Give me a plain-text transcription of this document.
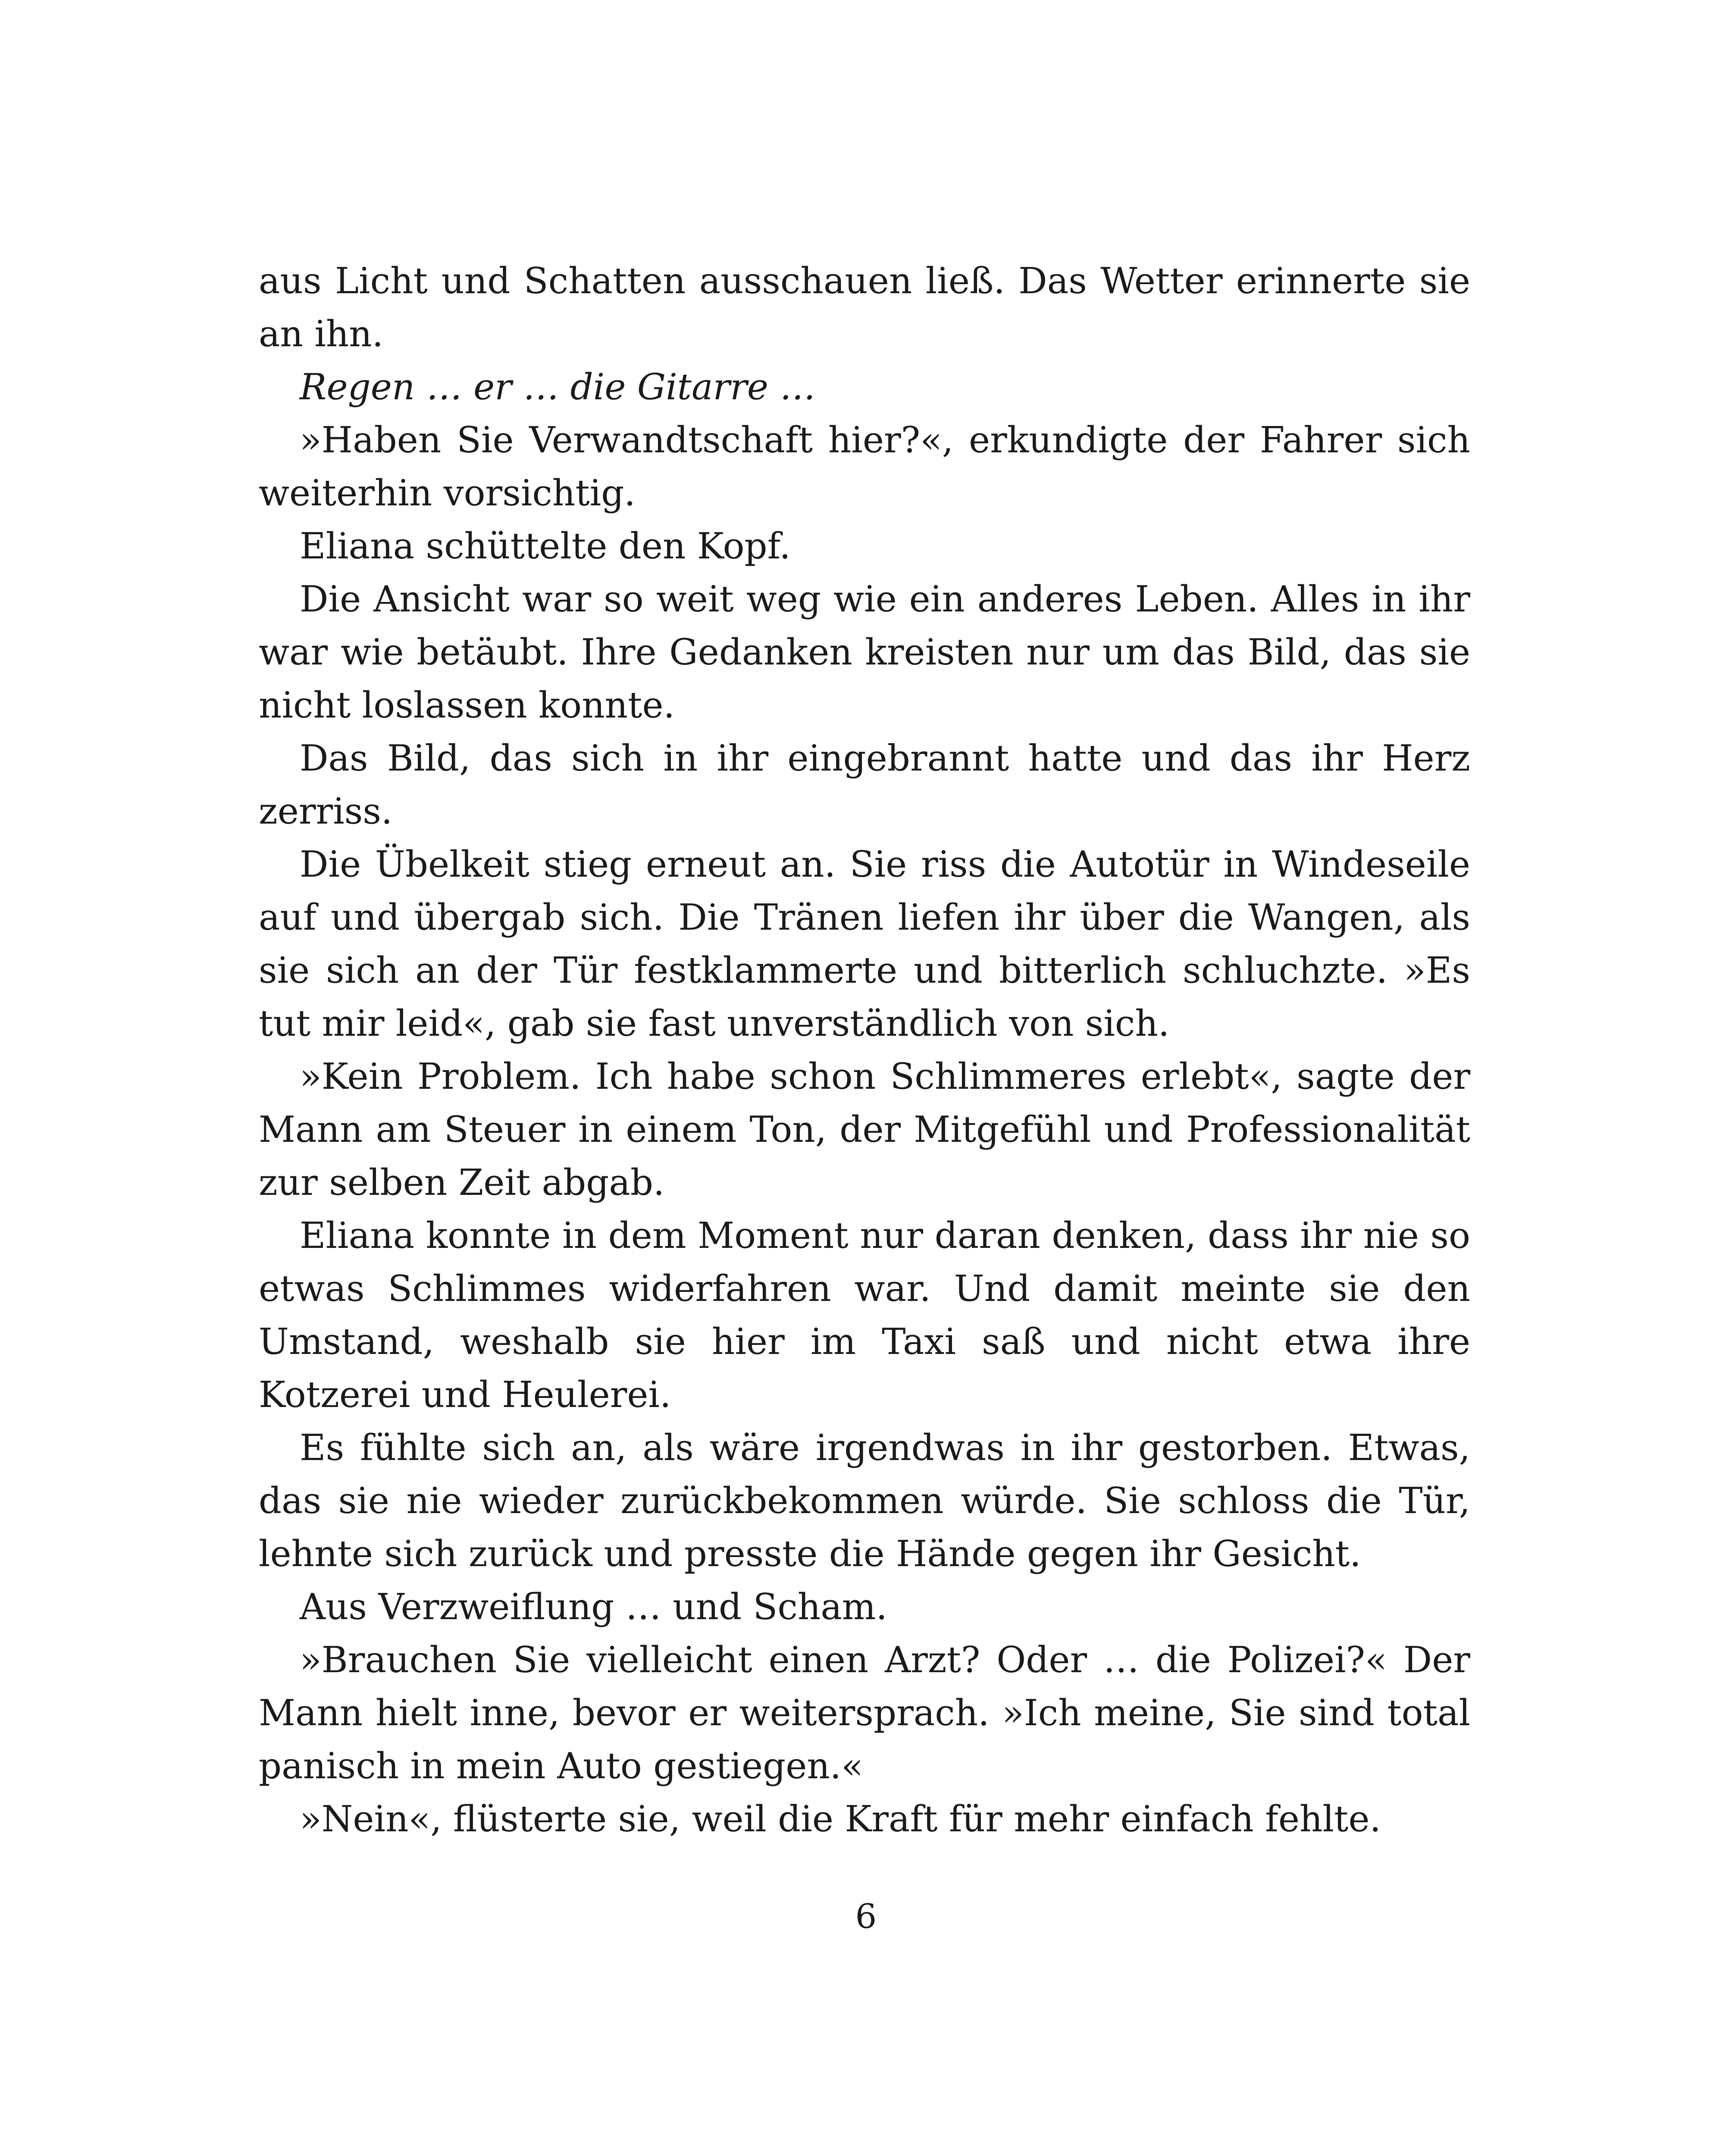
aus Licht und Schatten ausschauen ließ. Das Wetter erinnerte sie an ihn.

Regen … er … die Gitarre …

»Haben Sie Verwandtschaft hier?«, erkundigte der Fahrer sich weiterhin vorsichtig.

Eliana schüttelte den Kopf.

Die Ansicht war so weit weg wie ein anderes Leben. Alles in ihr war wie betäubt. Ihre Gedanken kreisten nur um das Bild, das sie nicht loslassen konnte.

Das Bild, das sich in ihr eingebrannt hatte und das ihr Herz zerriss.

Die Übelkeit stieg erneut an. Sie riss die Autotür in Windeseile auf und übergab sich. Die Tränen liefen ihr über die Wangen, als sie sich an der Tür festklammerte und bitterlich schluchzte. »Es tut mir leid«, gab sie fast unverständlich von sich.

»Kein Problem. Ich habe schon Schlimmeres erlebt«, sagte der Mann am Steuer in einem Ton, der Mitgefühl und Professionalität zur selben Zeit abgab.

Eliana konnte in dem Moment nur daran denken, dass ihr nie so etwas Schlimmes widerfahren war. Und damit meinte sie den Umstand, weshalb sie hier im Taxi saß und nicht etwa ihre Kotzerei und Heulerei.

Es fühlte sich an, als wäre irgendwas in ihr gestorben. Etwas, das sie nie wieder zurückbekommen würde. Sie schloss die Tür, lehnte sich zurück und presste die Hände gegen ihr Gesicht.

Aus Verzweiflung … und Scham.

»Brauchen Sie vielleicht einen Arzt? Oder … die Polizei?« Der Mann hielt inne, bevor er weitersprach. »Ich meine, Sie sind total panisch in mein Auto gestiegen.«

»Nein«, flüsterte sie, weil die Kraft für mehr einfach fehlte.

6
